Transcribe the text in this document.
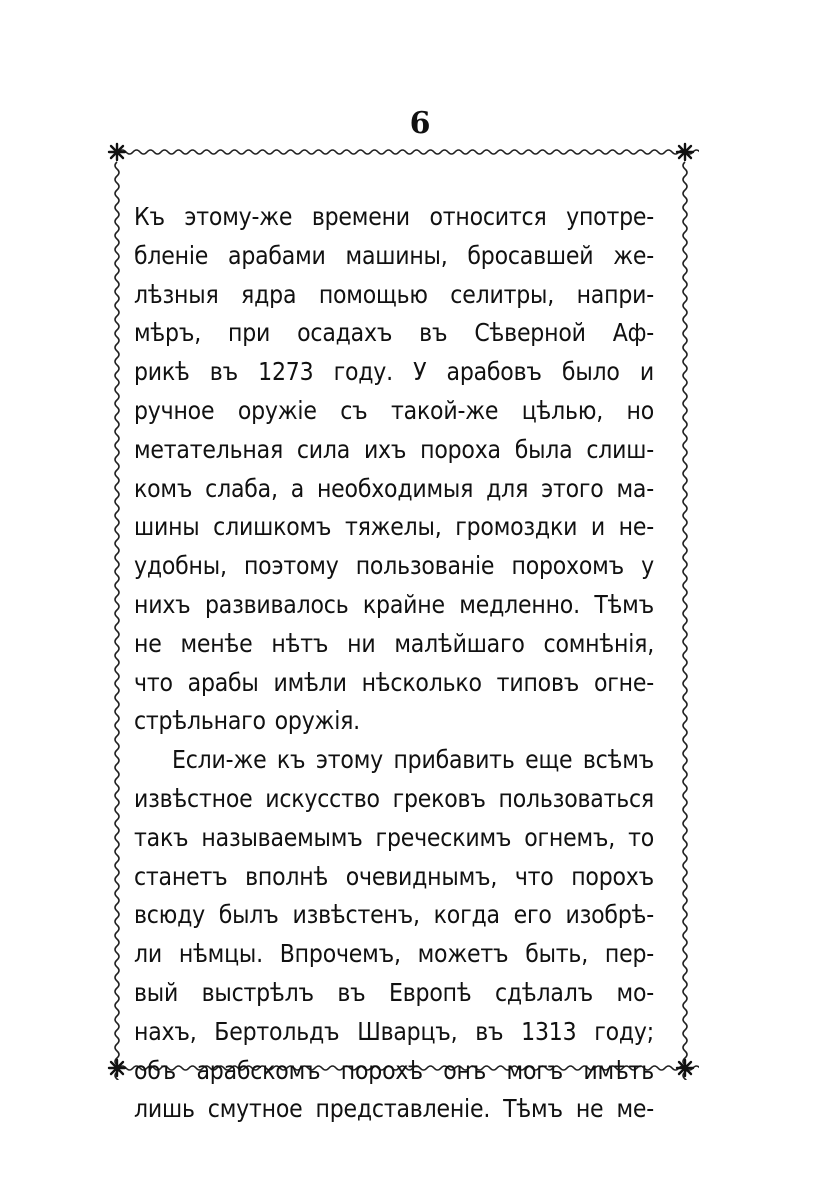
6
Къ этому-же времени относится употре-
бленіе арабами машины, бросавшей же-
лѣзныя ядра помощью селитры, напри-
мѣръ, при осадахъ въ Сѣверной Аф-
рикѣ въ 1273 году. У арабовъ было и
ручное оружіе съ такой-же цѣлью, но
метательная сила ихъ пороха была слиш-
комъ слаба, а необходимыя для этого ма-
шины слишкомъ тяжелы, громоздки и не-
удобны, поэтому пользованіе порохомъ у
нихъ развивалось крайне медленно. Тѣмъ
не менѣе нѣтъ ни малѣйшаго сомнѣнія,
что арабы имѣли нѣсколько типовъ огне-
стрѣльнаго оружія.
Если-же къ этому прибавить еще всѣмъ
извѣстное искусство грековъ пользоваться
такъ называемымъ греческимъ огнемъ, то
станетъ вполнѣ очевиднымъ, что порохъ
всюду былъ извѣстенъ, когда его изобрѣ-
ли нѣмцы. Впрочемъ, можетъ быть, пер-
вый выстрѣлъ въ Европѣ сдѣлалъ мо-
нахъ, Бертольдъ Шварцъ, въ 1313 году;
объ арабскомъ порохѣ онъ могъ имѣть
лишь смутное представленіе. Тѣмъ не ме-
